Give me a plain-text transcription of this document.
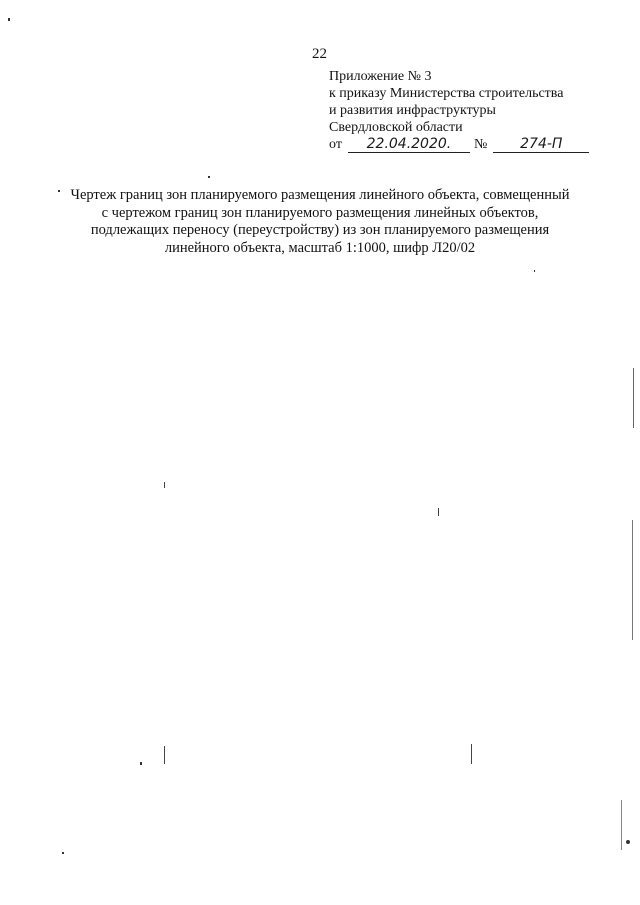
22
Приложение № 3
к приказу Министерства строительства
и развития инфраструктуры
Свердловской области
от	22.04.2020.	№	274-П
Чертеж границ зон планируемого размещения линейного объекта, совмещенный
с чертежом границ зон планируемого размещения линейных объектов,
подлежащих переносу (переустройству) из зон планируемого размещения
линейного объекта, масштаб 1:1000, шифр Л20/02
